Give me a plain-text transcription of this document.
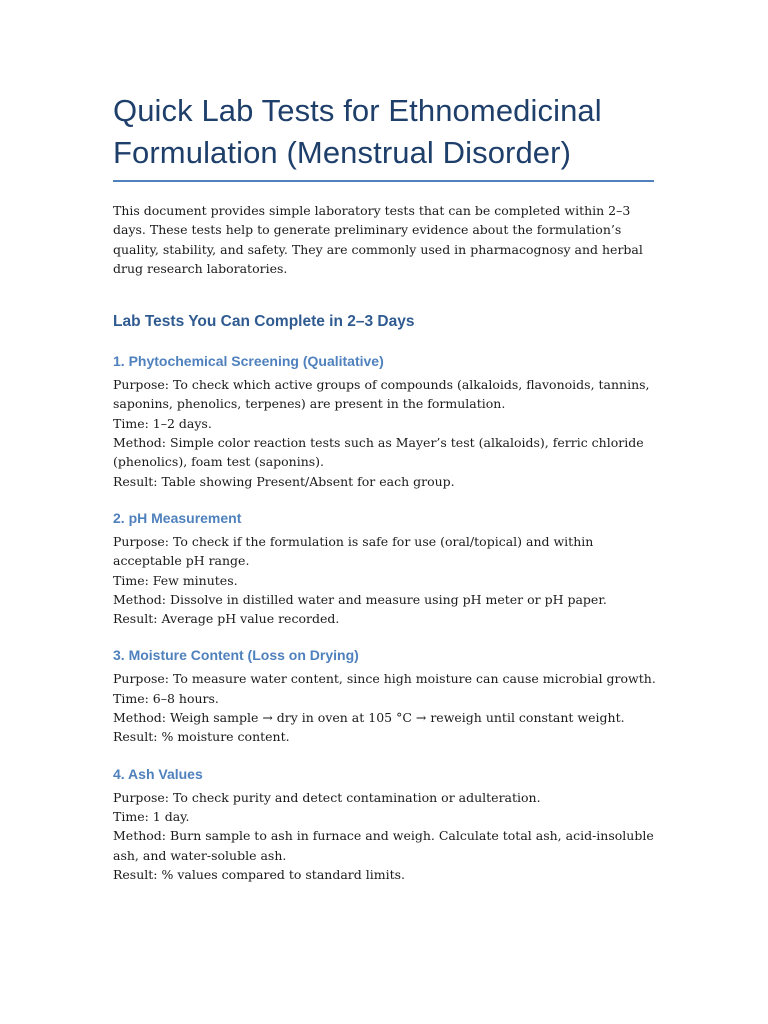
Quick Lab Tests for Ethnomedicinal Formulation (Menstrual Disorder)

This document provides simple laboratory tests that can be completed within 2–3 days. These tests help to generate preliminary evidence about the formulation’s quality, stability, and safety. They are commonly used in pharmacognosy and herbal drug research laboratories.

Lab Tests You Can Complete in 2–3 Days
1. Phytochemical Screening (Qualitative)

Purpose: To check which active groups of compounds (alkaloids, flavonoids, tannins, saponins, phenolics, terpenes) are present in the formulation.

Time: 1–2 days.

Method: Simple color reaction tests such as Mayer’s test (alkaloids), ferric chloride (phenolics), foam test (saponins).

Result: Table showing Present/Absent for each group.

2. pH Measurement

Purpose: To check if the formulation is safe for use (oral/topical) and within acceptable pH range.

Time: Few minutes.

Method: Dissolve in distilled water and measure using pH meter or pH paper.

Result: Average pH value recorded.

3. Moisture Content (Loss on Drying)

Purpose: To measure water content, since high moisture can cause microbial growth.

Time: 6–8 hours.

Method: Weigh sample → dry in oven at 105 °C → reweigh until constant weight.

Result: % moisture content.

4. Ash Values

Purpose: To check purity and detect contamination or adulteration.

Time: 1 day.

Method: Burn sample to ash in furnace and weigh. Calculate total ash, acid-insoluble ash, and water-soluble ash.

Result: % values compared to standard limits.
